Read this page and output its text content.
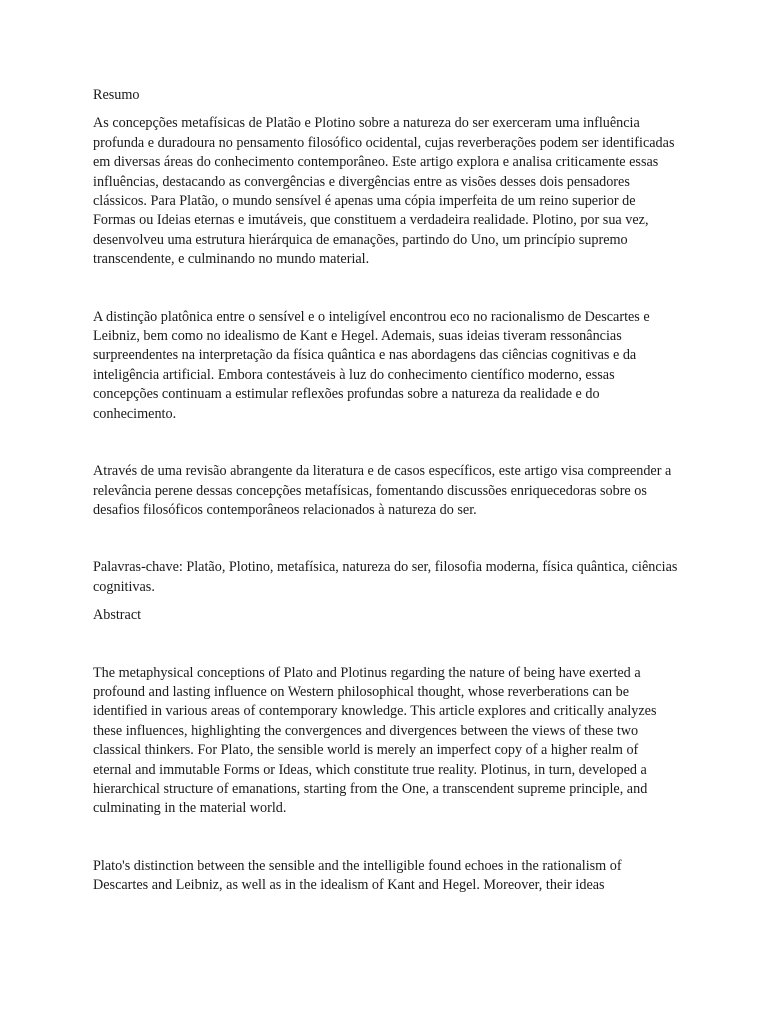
Resumo

As concepções metafísicas de Platão e Plotino sobre a natureza do ser exerceram uma influência profunda e duradoura no pensamento filosófico ocidental, cujas reverberações podem ser identificadas em diversas áreas do conhecimento contemporâneo. Este artigo explora e analisa criticamente essas influências, destacando as convergências e divergências entre as visões desses dois pensadores clássicos. Para Platão, o mundo sensível é apenas uma cópia imperfeita de um reino superior de Formas ou Ideias eternas e imutáveis, que constituem a verdadeira realidade. Plotino, por sua vez, desenvolveu uma estrutura hierárquica de emanações, partindo do Uno, um princípio supremo transcendente, e culminando no mundo material.

A distinção platônica entre o sensível e o inteligível encontrou eco no racionalismo de Descartes e Leibniz, bem como no idealismo de Kant e Hegel. Ademais, suas ideias tiveram ressonâncias surpreendentes na interpretação da física quântica e nas abordagens das ciências cognitivas e da inteligência artificial. Embora contestáveis à luz do conhecimento científico moderno, essas concepções continuam a estimular reflexões profundas sobre a natureza da realidade e do conhecimento.

Através de uma revisão abrangente da literatura e de casos específicos, este artigo visa compreender a relevância perene dessas concepções metafísicas, fomentando discussões enriquecedoras sobre os desafios filosóficos contemporâneos relacionados à natureza do ser.

Palavras-chave: Platão, Plotino, metafísica, natureza do ser, filosofia moderna, física quântica, ciências cognitivas.

Abstract

The metaphysical conceptions of Plato and Plotinus regarding the nature of being have exerted a profound and lasting influence on Western philosophical thought, whose reverberations can be identified in various areas of contemporary knowledge. This article explores and critically analyzes these influences, highlighting the convergences and divergences between the views of these two classical thinkers. For Plato, the sensible world is merely an imperfect copy of a higher realm of eternal and immutable Forms or Ideas, which constitute true reality. Plotinus, in turn, developed a hierarchical structure of emanations, starting from the One, a transcendent supreme principle, and culminating in the material world.

Plato's distinction between the sensible and the intelligible found echoes in the rationalism of Descartes and Leibniz, as well as in the idealism of Kant and Hegel. Moreover, their ideas
